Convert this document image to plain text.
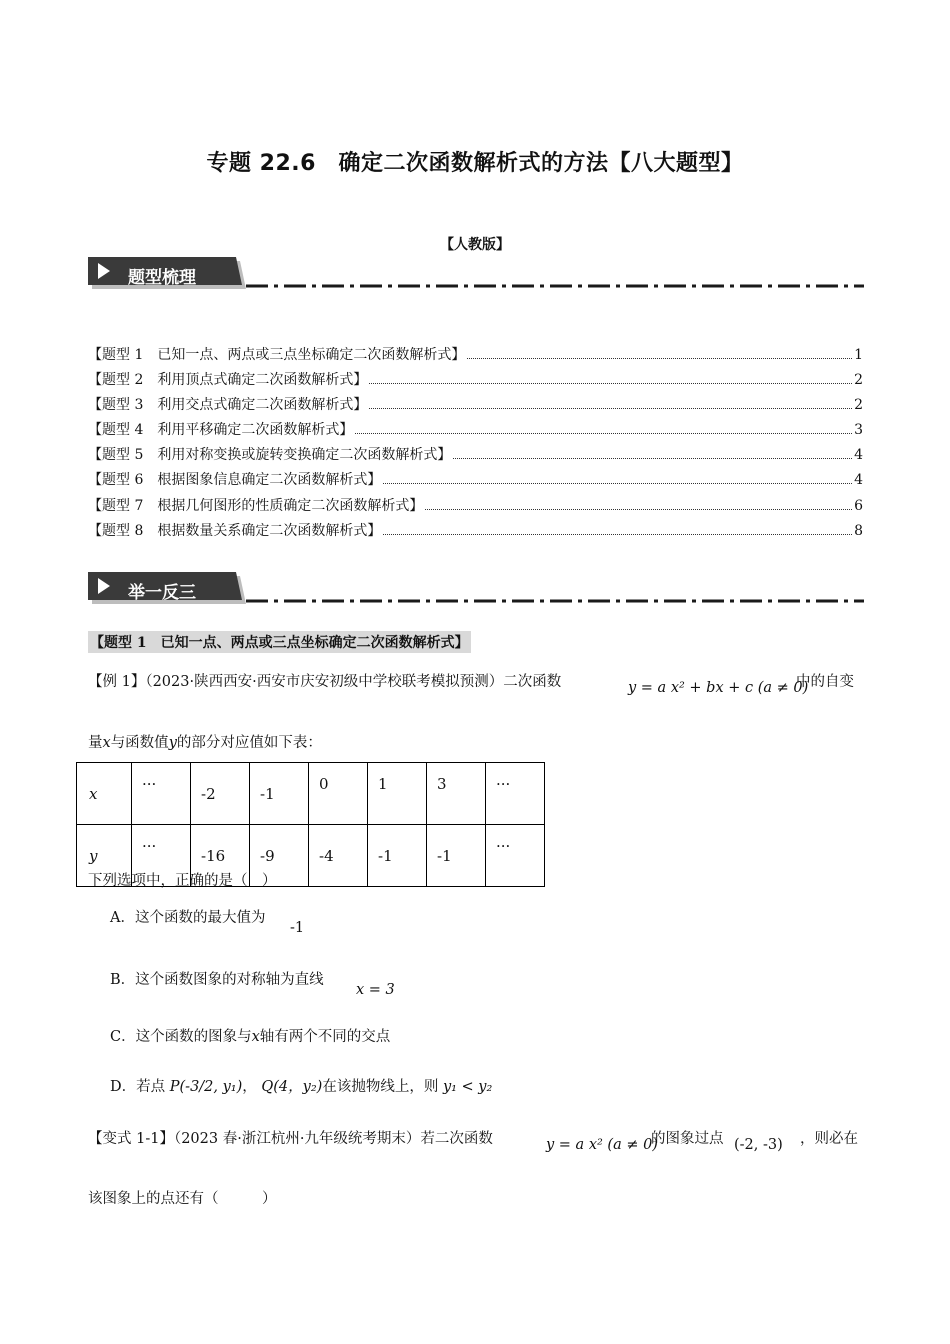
专题 22.6　确定二次函数解析式的方法【八大题型】
【人教版】
题型梳理
【题型 1　已知一点、两点或三点坐标确定二次函数解析式】	1
【题型 2　利用顶点式确定二次函数解析式】	2
【题型 3　利用交点式确定二次函数解析式】	2
【题型 4　利用平移确定二次函数解析式】	3
【题型 5　利用对称变换或旋转变换确定二次函数解析式】	4
【题型 6　根据图象信息确定二次函数解析式】	4
【题型 7　根据几何图形的性质确定二次函数解析式】	6
【题型 8　根据数量关系确定二次函数解析式】	8
举一反三
【题型 1　已知一点、两点或三点坐标确定二次函数解析式】
【例 1】（2023·陕西西安·西安市庆安初级中学校联考模拟预测）二次函数	y = a x² + bx + c (a ≠ 0)
中的自变
量x与函数值y的部分对应值如下表：
x	···	-2	-1	0	1	3	···
y	···	-16	-9	-4	-1	-1	···
下列选项中，正确的是（　）
A．这个函数的最大值为
-1
B．这个函数图象的对称轴为直线
x = 3
C．这个函数的图象与x轴有两个不同的交点
D．若点 P(-3/2, y₁)， Q(4，y₂)在该抛物线上，则 y₁ < y₂
【变式 1-1】（2023 春·浙江杭州·九年级统考期末）若二次函数	y = a x² (a ≠ 0)
的图象过点 (-2, -3) ，则必在
该图象上的点还有（　　　）
